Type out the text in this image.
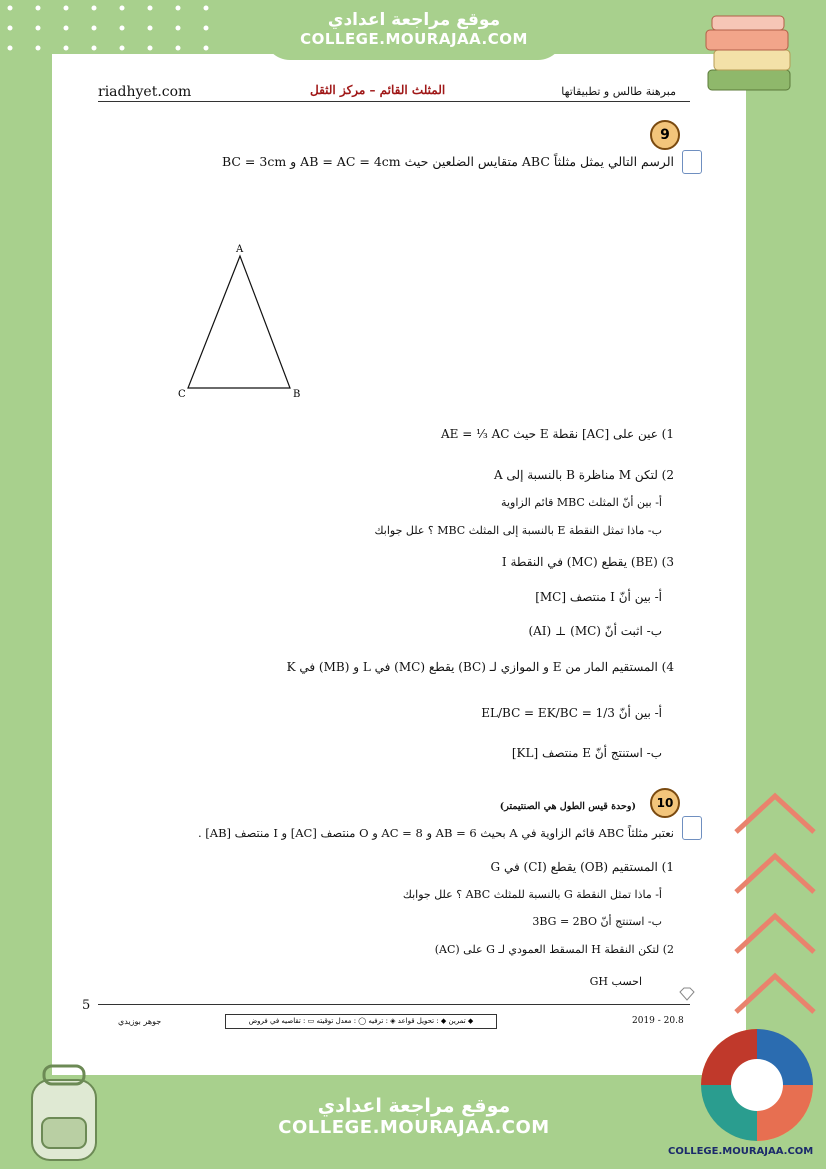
riadhyet.com	المثلث القائم – مركز الثقل	مبرهنة طالس و تطبيقاتها
9
الرسم التالي يمثل مثلثاً ABC متقايس الضلعين حيث AB = AC = 4cm و BC = 3cm
A
C	B
1) عين على [AC] نقطة E حيث AE = ⅓ AC
2) لتكن M مناظرة B بالنسبة إلى A
أ- بين أنّ المثلث MBC قائم الزاوية
ب- ماذا تمثل النقطة E بالنسبة إلى المثلث MBC ؟ علل جوابك
3) (BE) يقطع (MC) في النقطة I
أ- بين أنّ I منتصف [MC]
ب- اثبت أنّ (MC) ⊥ (AI)
4) المستقيم المار من E و الموازي لـ (BC) يقطع (MC) في L و (MB) في K
أ- بين أنّ EL/BC = EK/BC = 1/3
ب- استنتج أنّ E منتصف [KL]
10
(وحدة قيس الطول هي الصنتيمتر)
نعتبر مثلثاً ABC قائم الزاوية في A بحيث AB = 6 و AC = 8 و O منتصف [AC] و I منتصف [AB] .
1) المستقيم (OB) يقطع (CI) في G
أ- ماذا تمثل النقطة G بالنسبة للمثلث ABC ؟ علل جوابك
ب- استنتج أنّ 3BG = 2BO
2) لتكن النقطة H المسقط العمودي لـ G على (AC)
احسب GH
5
جوهر بوزيدي	◆ تمرين ◆ : تحويل قواعد ◈ : ترفيه ◯ : معدل توقيته ▭ : تقاصيه في فروض	2019 - 20.8
موقع مراجعة اعدادي
COLLEGE.MOURAJAA.COM
موقع مراجعة اعدادي
COLLEGE.MOURAJAA.COM
COLLEGE.MOURAJAA.COM
